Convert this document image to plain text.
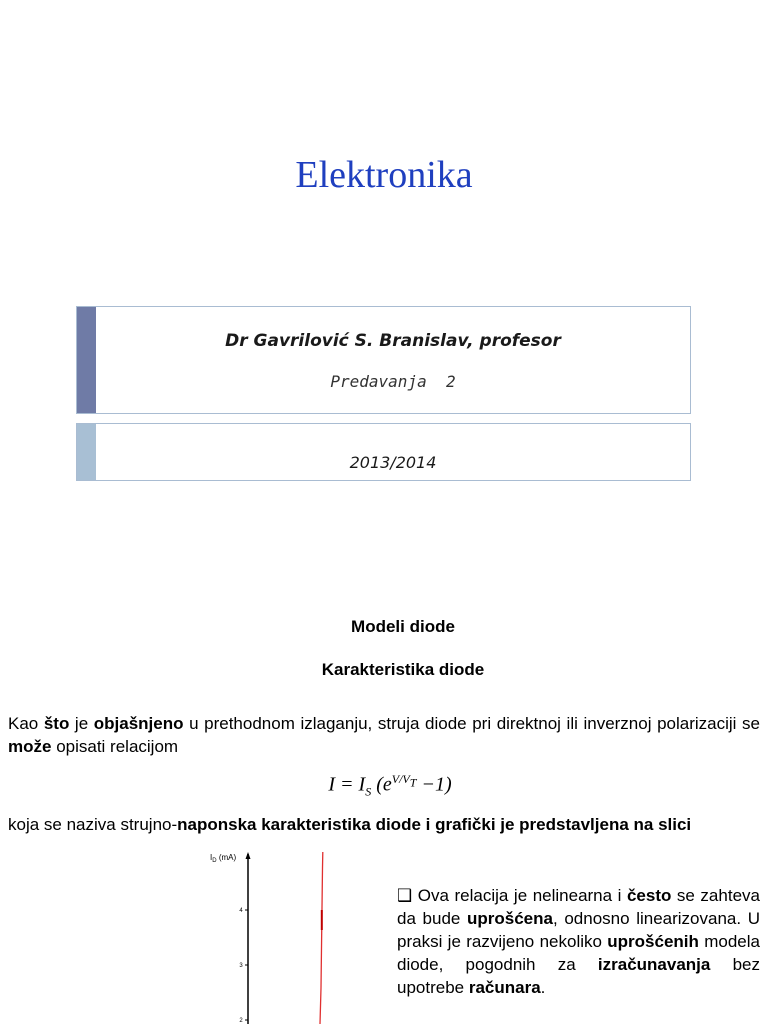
Elektronika
Dr Gavrilović S. Branislav, profesor
Predavanja  2
2013/2014
Modeli diode
Karakteristika diode
Kao što je objašnjeno u prethodnom izlaganju, struja diode pri direktnoj ili inverznoj polarizaciji se može opisati relacijom
$I = I_S$ $(e^{V/V_T} -1)$
koja se naziva strujno-naponska karakteristika diode i grafički je predstavljena na slici
$I_D$ (mA)
4
3
2
❑ Ova relacija je nelinearna i često se zahteva da bude uprošćena, odnosno linearizovana. U praksi je razvijeno nekoliko uprošćenih modela diode, pogodnih za izračunavanja bez upotrebe računara.
